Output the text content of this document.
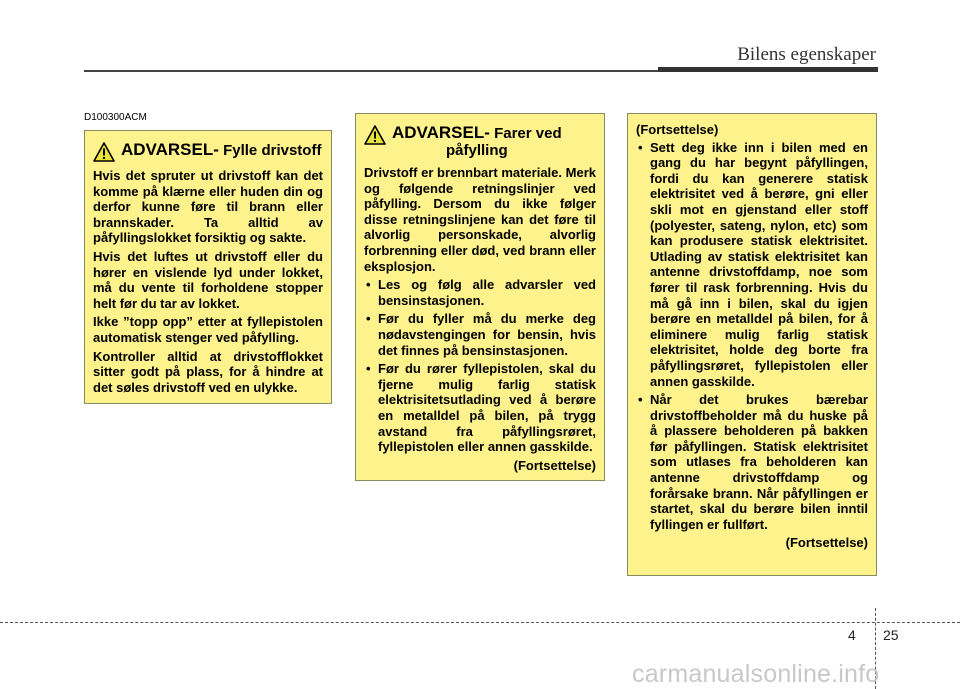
Bilens egenskaper
D100300ACM
ADVARSEL- Fylle drivstoff

Hvis det spruter ut drivstoff kan det komme på klærne eller huden din og derfor kunne føre til brann eller brannskader. Ta alltid av påfyllingslokket forsiktig og sakte.

Hvis det luftes ut drivstoff eller du hører en vislende lyd under lokket, må du vente til forholdene stopper helt før du tar av lokket.

Ikke ”topp opp” etter at fyllepistolen automatisk stenger ved påfylling.

Kontroller alltid at drivstofflokket sitter godt på plass, for å hindre at det søles drivstoff ved en ulykke.

ADVARSEL- Farer ved
påfylling

Drivstoff er brennbart materiale. Merk og følgende retningslinjer ved påfylling. Dersom du ikke følger disse retningslinjene kan det føre til alvorlig personskade, alvorlig forbrenning eller død, ved brann eller eksplosjon.

• Les og følg alle advarsler ved bensinstasjonen.
• Før du fyller må du merke deg nødavstengingen for bensin, hvis det finnes på bensinstasjonen.
• Før du rører fyllepistolen, skal du fjerne mulig farlig statisk elektrisitetsutlading ved å berøre en metalldel på bilen, på trygg avstand fra påfyllingsrøret, fyllepistolen eller annen gasskilde.
(Fortsettelse)
(Fortsettelse)
• Sett deg ikke inn i bilen med en gang du har begynt påfyllingen, fordi du kan generere statisk elektrisitet ved å berøre, gni eller skli mot en gjenstand eller stoff (polyester, sateng, nylon, etc) som kan produsere statisk elektrisitet. Utlading av statisk elektrisitet kan antenne drivstoffdamp, noe som fører til rask forbrenning. Hvis du må gå inn i bilen, skal du igjen berøre en metalldel på bilen, for å eliminere mulig farlig statisk elektrisitet, holde deg borte fra påfyllingsrøret, fyllepistolen eller annen gasskilde.
• Når det brukes bærebar drivstoffbeholder må du huske på å plassere beholderen på bakken før påfyllingen. Statisk elektrisitet som utlases fra beholderen kan antenne drivstoffdamp og forårsake brann. Når påfyllingen er startet, skal du berøre bilen inntil fyllingen er fullført.
(Fortsettelse)
4 25
carmanualsonline.info
